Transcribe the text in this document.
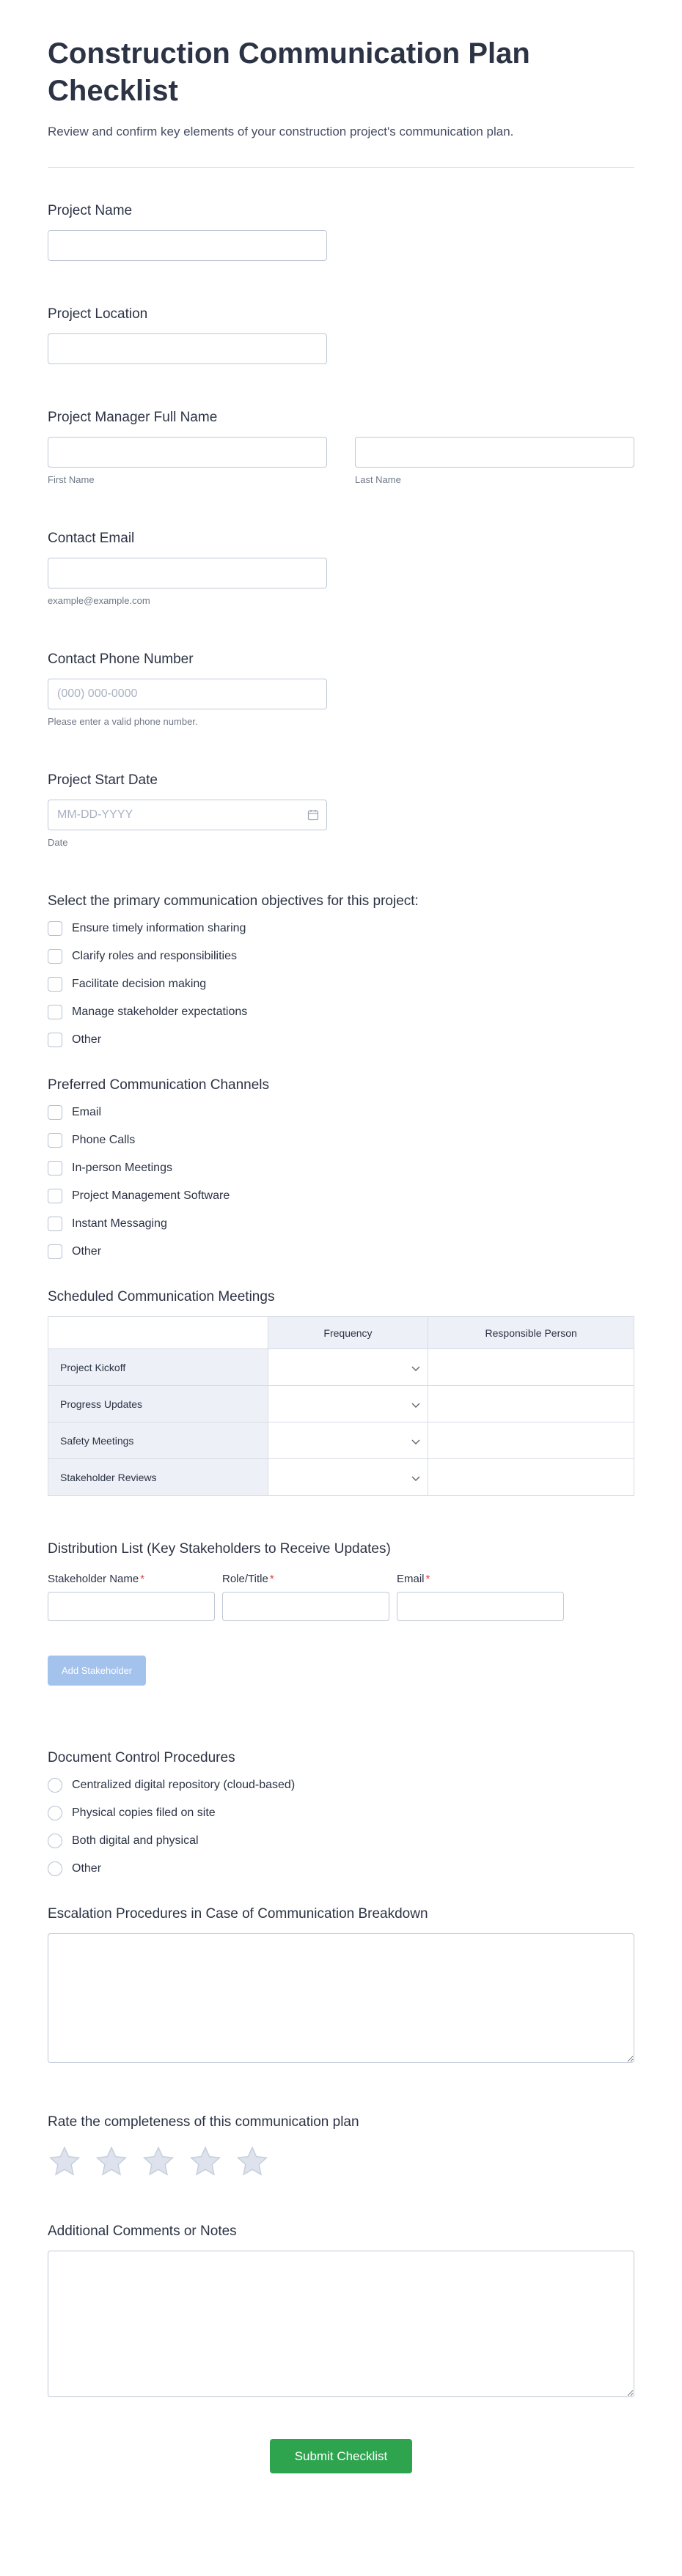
Construction Communication Plan Checklist
Review and confirm key elements of your construction project's communication plan.
Project Name
Project Location
Project Manager Full Name
First Name	Last Name
Contact Email
example@example.com
Contact Phone Number
(000) 000-0000
Please enter a valid phone number.
Project Start Date
MM-DD-YYYY
Date
Select the primary communication objectives for this project:
Ensure timely information sharing
Clarify roles and responsibilities
Facilitate decision making
Manage stakeholder expectations
Other
Preferred Communication Channels
Email
Phone Calls
In-person Meetings
Project Management Software
Instant Messaging
Other
Scheduled Communication Meetings
	Frequency	Responsible Person
Project Kickoff	

Progress Updates	

Safety Meetings	

Stakeholder Reviews	

Distribution List (Key Stakeholders to Receive Updates)
Stakeholder Name *	Role/Title *	Email *
Add Stakeholder
Document Control Procedures
Centralized digital repository (cloud-based)
Physical copies filed on site
Both digital and physical
Other
Escalation Procedures in Case of Communication Breakdown
Rate the completeness of this communication plan
Additional Comments or Notes
Submit Checklist
